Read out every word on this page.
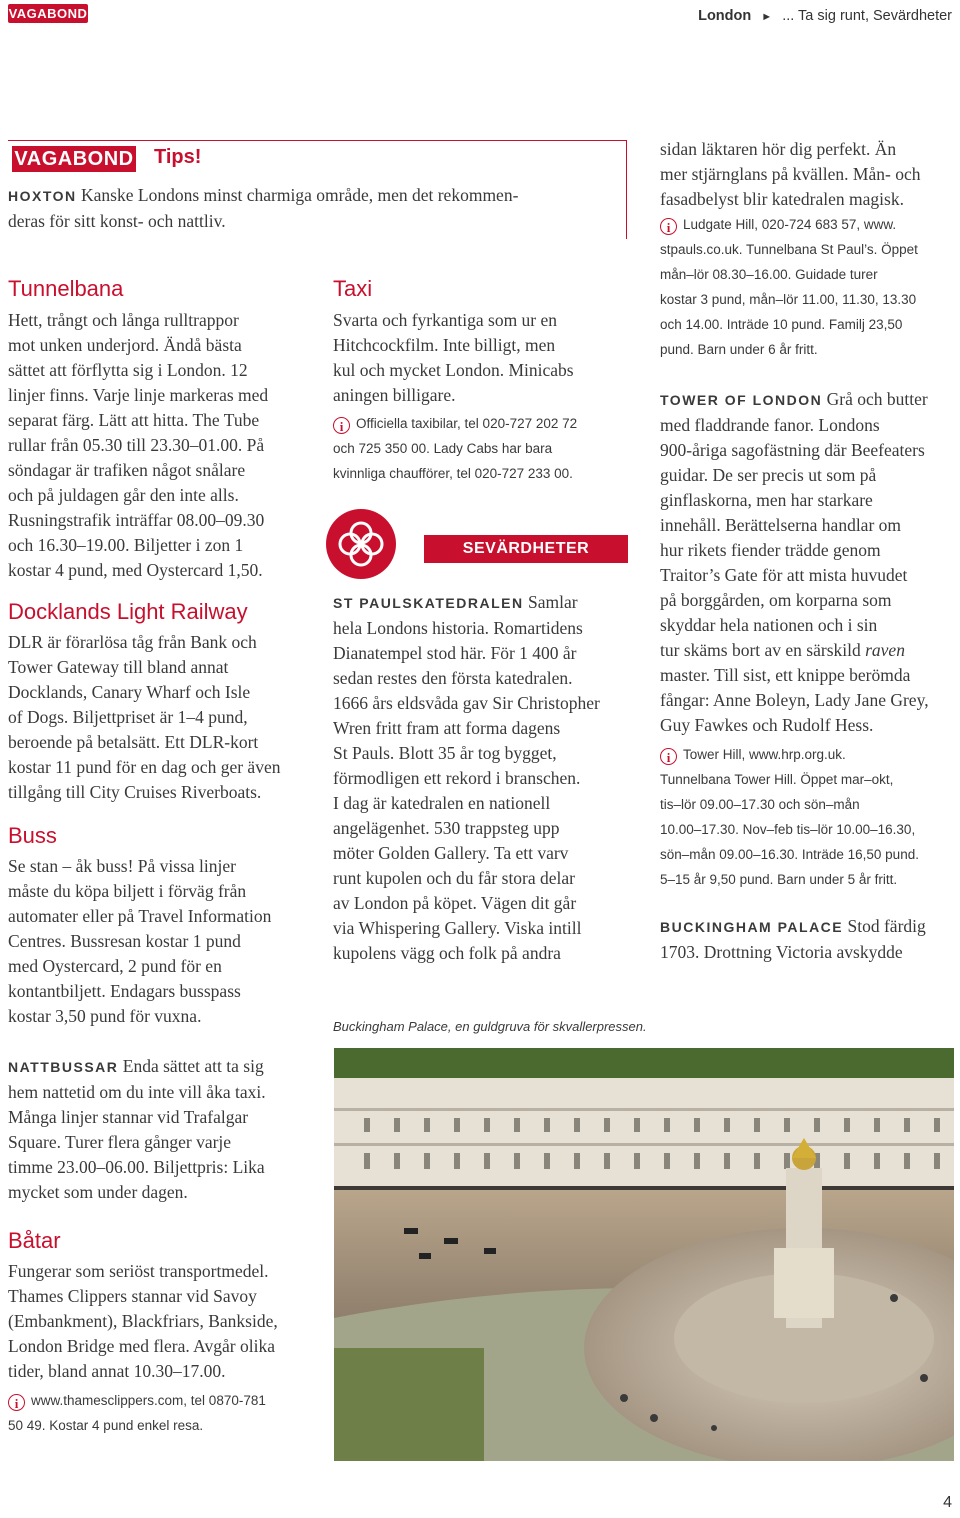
VAGABOND	London ► ... Ta sig runt, Sevärdheter
VAGABOND Tips!

HOXTON Kanske Londons minst charmiga område, men det rekommen-

deras för sitt konst- och nattliv.

Tunnelbana

Hett, trångt och långa rulltrappor

mot unken underjord. Ändå bästa

sättet att förflytta sig i London. 12

linjer finns. Varje linje markeras med

separat färg. Lätt att hitta. The Tube

rullar från 05.30 till 23.30–01.00. På

söndagar är trafiken något snålare

och på juldagen går den inte alls.

Rusningstrafik inträffar 08.00–09.30

och 16.30–19.00. Biljetter i zon 1

kostar 4 pund, med Oystercard 1,50.

Docklands Light Railway

DLR är förarlösa tåg från Bank och

Tower Gateway till bland annat

Docklands, Canary Wharf och Isle

of Dogs. Biljettpriset är 1–4 pund,

beroende på betalsätt. Ett DLR-kort

kostar 11 pund för en dag och ger även

tillgång till City Cruises Riverboats.

Buss

Se stan – åk buss! På vissa linjer

måste du köpa biljett i förväg från

automater eller på Travel Information

Centres. Bussresan kostar 1 pund

med Oystercard, 2 pund för en

kontantbiljett. Endagars busspass

kostar 3,50 pund för vuxna.

NATTBUSSAR Enda sättet att ta sig

hem nattetid om du inte vill åka taxi.

Många linjer stannar vid Trafalgar

Square. Turer flera gånger varje

timme 23.00–06.00. Biljettpris: Lika

mycket som under dagen.

Båtar

Fungerar som seriöst transportmedel.

Thames Clippers stannar vid Savoy

(Embankment), Blackfriars, Bankside,

London Bridge med flera. Avgår olika

tider, bland annat 10.30–17.00.

i www.thamesclippers.com, tel 0870-781

50 49. Kostar 4 pund enkel resa.

Taxi

Svarta och fyrkantiga som ur en

Hitchcockfilm. Inte billigt, men

kul och mycket London. Minicabs

aningen billigare.

i Officiella taxibilar, tel 020-727 202 72

och 725 350 00. Lady Cabs har bara

kvinnliga chaufförer, tel 020-727 233 00.

SEVÄRDHETER

ST PAULSKATEDRALEN Samlar

hela Londons historia. Romartidens

Dianatempel stod här. För 1 400 år

sedan restes den första katedralen.

1666 års eldsvåda gav Sir Christopher

Wren fritt fram att forma dagens

St Pauls. Blott 35 år tog bygget,

förmodligen ett rekord i branschen.

I dag är katedralen en nationell

angelägenhet. 530 trappsteg upp

möter Golden Gallery. Ta ett varv

runt kupolen och du får stora delar

av London på köpet. Vägen dit går

via Whispering Gallery. Viska intill

kupolens vägg och folk på andra

Buckingham Palace, en guldgruva för skvallerpressen.

sidan läktaren hör dig perfekt. Än

mer stjärnglans på kvällen. Mån- och

fasadbelyst blir katedralen magisk.

i Ludgate Hill, 020-724 683 57, www.

stpauls.co.uk. Tunnelbana St Paul’s. Öppet

mån–lör 08.30–16.00. Guidade turer

kostar 3 pund, mån–lör 11.00, 11.30, 13.30

och 14.00. Inträde 10 pund. Familj 23,50

pund. Barn under 6 år fritt.

TOWER OF LONDON Grå och butter

med fladdrande fanor. Londons

900-åriga sagofästning där Beefeaters

guidar. De ser precis ut som på

ginflaskorna, men har starkare

innehåll. Berättelserna handlar om

hur rikets fiender trädde genom

Traitor’s Gate för att mista huvudet

på borggården, om korparna som

skyddar hela nationen och i sin

tur skäms bort av en särskild raven

master. Till sist, ett knippe berömda

fångar: Anne Boleyn, Lady Jane Grey,

Guy Fawkes och Rudolf Hess.

i Tower Hill, www.hrp.org.uk.

Tunnelbana Tower Hill. Öppet mar–okt,

tis–lör 09.00–17.30 och sön–mån

10.00–17.30. Nov–feb tis–lör 10.00–16.30,

sön–mån 09.00–16.30. Inträde 16,50 pund.

5–15 år 9,50 pund. Barn under 5 år fritt.

BUCKINGHAM PALACE Stod färdig

1703. Drottning Victoria avskydde

4
